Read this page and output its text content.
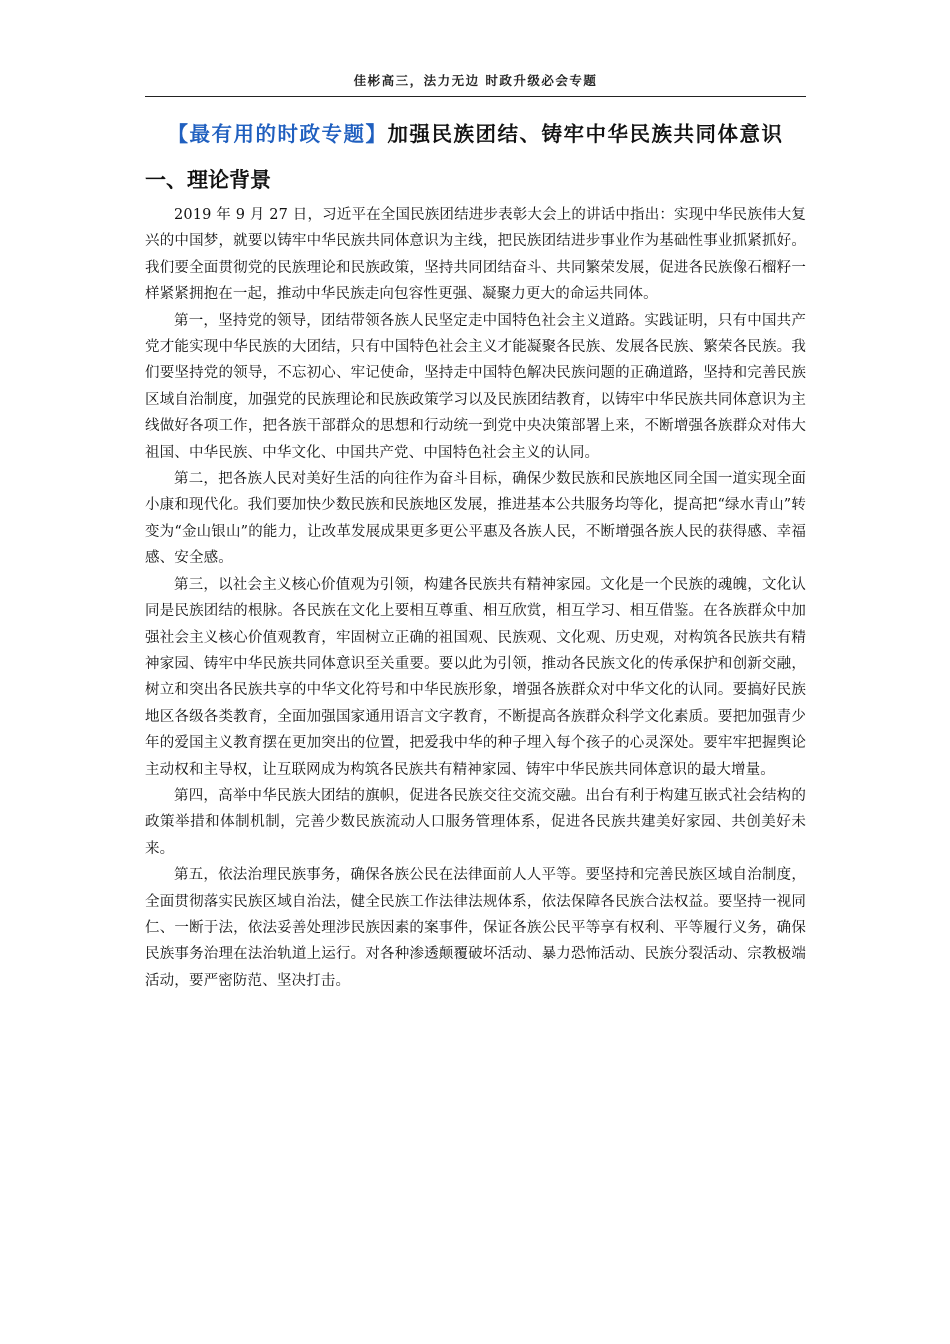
佳彬高三，法力无边 时政升级必会专题
【最有用的时政专题】加强民族团结、铸牢中华民族共同体意识
一、理论背景

2019 年 9 月 27 日，习近平在全国民族团结进步表彰大会上的讲话中指出：实现中华民族伟大复兴的中国梦，就要以铸牢中华民族共同体意识为主线，把民族团结进步事业作为基础性事业抓紧抓好。我们要全面贯彻党的民族理论和民族政策，坚持共同团结奋斗、共同繁荣发展，促进各民族像石榴籽一样紧紧拥抱在一起，推动中华民族走向包容性更强、凝聚力更大的命运共同体。

第一，坚持党的领导，团结带领各族人民坚定走中国特色社会主义道路。实践证明，只有中国共产党才能实现中华民族的大团结，只有中国特色社会主义才能凝聚各民族、发展各民族、繁荣各民族。我们要坚持党的领导，不忘初心、牢记使命，坚持走中国特色解决民族问题的正确道路，坚持和完善民族区域自治制度，加强党的民族理论和民族政策学习以及民族团结教育，以铸牢中华民族共同体意识为主线做好各项工作，把各族干部群众的思想和行动统一到党中央决策部署上来，不断增强各族群众对伟大祖国、中华民族、中华文化、中国共产党、中国特色社会主义的认同。

第二，把各族人民对美好生活的向往作为奋斗目标，确保少数民族和民族地区同全国一道实现全面小康和现代化。我们要加快少数民族和民族地区发展，推进基本公共服务均等化，提高把“绿水青山”转变为“金山银山”的能力，让改革发展成果更多更公平惠及各族人民，不断增强各族人民的获得感、幸福感、安全感。

第三，以社会主义核心价值观为引领，构建各民族共有精神家园。文化是一个民族的魂魄，文化认同是民族团结的根脉。各民族在文化上要相互尊重、相互欣赏，相互学习、相互借鉴。在各族群众中加强社会主义核心价值观教育，牢固树立正确的祖国观、民族观、文化观、历史观，对构筑各民族共有精神家园、铸牢中华民族共同体意识至关重要。要以此为引领，推动各民族文化的传承保护和创新交融，树立和突出各民族共享的中华文化符号和中华民族形象，增强各族群众对中华文化的认同。要搞好民族地区各级各类教育，全面加强国家通用语言文字教育，不断提高各族群众科学文化素质。要把加强青少年的爱国主义教育摆在更加突出的位置，把爱我中华的种子埋入每个孩子的心灵深处。要牢牢把握舆论主动权和主导权，让互联网成为构筑各民族共有精神家园、铸牢中华民族共同体意识的最大增量。

第四，高举中华民族大团结的旗帜，促进各民族交往交流交融。出台有利于构建互嵌式社会结构的政策举措和体制机制，完善少数民族流动人口服务管理体系，促进各民族共建美好家园、共创美好未来。

第五，依法治理民族事务，确保各族公民在法律面前人人平等。要坚持和完善民族区域自治制度，全面贯彻落实民族区域自治法，健全民族工作法律法规体系，依法保障各民族合法权益。要坚持一视同仁、一断于法，依法妥善处理涉民族因素的案事件，保证各族公民平等享有权利、平等履行义务，确保民族事务治理在法治轨道上运行。对各种渗透颠覆破坏活动、暴力恐怖活动、民族分裂活动、宗教极端活动，要严密防范、坚决打击。
